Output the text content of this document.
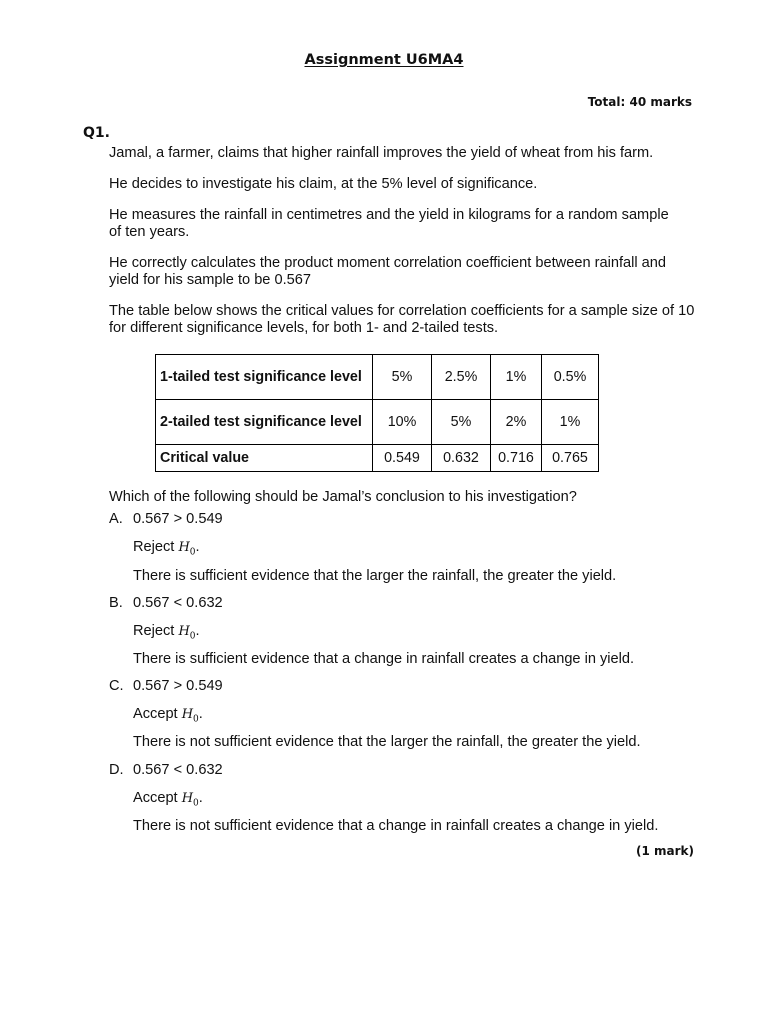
Assignment U6MA4
Total: 40 marks
Q1.
Jamal, a farmer, claims that higher rainfall improves the yield of wheat from his farm.
He decides to investigate his claim, at the 5% level of significance.
He measures the rainfall in centimetres and the yield in kilograms for a random sample of ten years.
He correctly calculates the product moment correlation coefficient between rainfall and yield for his sample to be 0.567
The table below shows the critical values for correlation coefficients for a sample size of 10 for different significance levels, for both 1- and 2-tailed tests.
1-tailed test significance level	5%	2.5%	1%	0.5%
2-tailed test significance level	10%	5%	2%	1%
Critical value	0.549	0.632	0.716	0.765
Which of the following should be Jamal’s conclusion to his investigation?
A. 0.567 > 0.549
Reject $H_0$.
There is sufficient evidence that the larger the rainfall, the greater the yield.
B. 0.567 < 0.632
Reject $H_0$.
There is sufficient evidence that a change in rainfall creates a change in yield.
C. 0.567 > 0.549
Accept $H_0$.
There is not sufficient evidence that the larger the rainfall, the greater the yield.
D. 0.567 < 0.632
Accept $H_0$.
There is not sufficient evidence that a change in rainfall creates a change in yield.
(1 mark)
